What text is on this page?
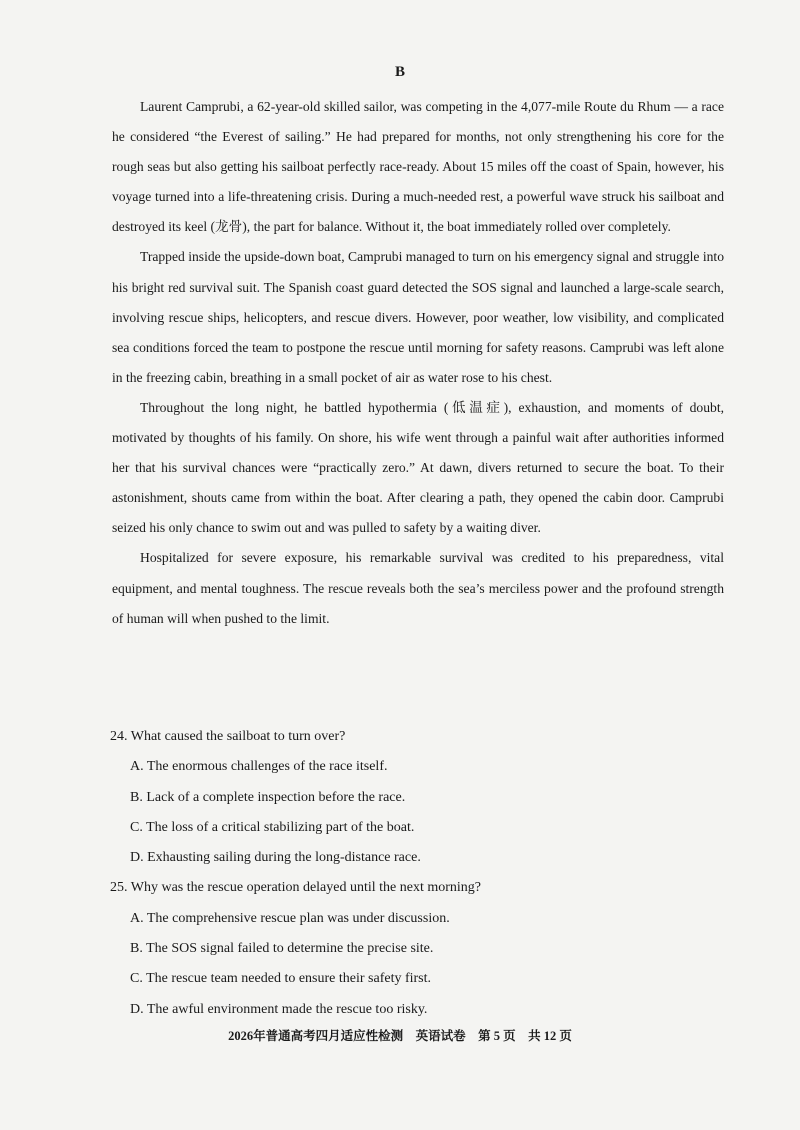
B

Laurent Camprubi, a 62-year-old skilled sailor, was competing in the 4,077-mile Route du Rhum — a race he considered “the Everest of sailing.” He had prepared for months, not only strengthening his core for the rough seas but also getting his sailboat perfectly race-ready. About 15 miles off the coast of Spain, however, his voyage turned into a life-threatening crisis. During a much-needed rest, a powerful wave struck his sailboat and destroyed its keel (龙骨), the part for balance. Without it, the boat immediately rolled over completely.

Trapped inside the upside-down boat, Camprubi managed to turn on his emergency signal and struggle into his bright red survival suit. The Spanish coast guard detected the SOS signal and launched a large-scale search, involving rescue ships, helicopters, and rescue divers. However, poor weather, low visibility, and complicated sea conditions forced the team to postpone the rescue until morning for safety reasons. Camprubi was left alone in the freezing cabin, breathing in a small pocket of air as water rose to his chest.

Throughout the long night, he battled hypothermia (低温症), exhaustion, and moments of doubt, motivated by thoughts of his family. On shore, his wife went through a painful wait after authorities informed her that his survival chances were “practically zero.” At dawn, divers returned to secure the boat. To their astonishment, shouts came from within the boat. After clearing a path, they opened the cabin door. Camprubi seized his only chance to swim out and was pulled to safety by a waiting diver.

Hospitalized for severe exposure, his remarkable survival was credited to his preparedness, vital equipment, and mental toughness. The rescue reveals both the sea’s merciless power and the profound strength of human will when pushed to the limit.

24. What caused the sailboat to turn over?

A. The enormous challenges of the race itself.

B. Lack of a complete inspection before the race.

C. The loss of a critical stabilizing part of the boat.

D. Exhausting sailing during the long-distance race.

25. Why was the rescue operation delayed until the next morning?

A. The comprehensive rescue plan was under discussion.

B. The SOS signal failed to determine the precise site.

C. The rescue team needed to ensure their safety first.

D. The awful environment made the rescue too risky.

2026年普通高考四月适应性检测　英语试卷　第 5 页　共 12 页
